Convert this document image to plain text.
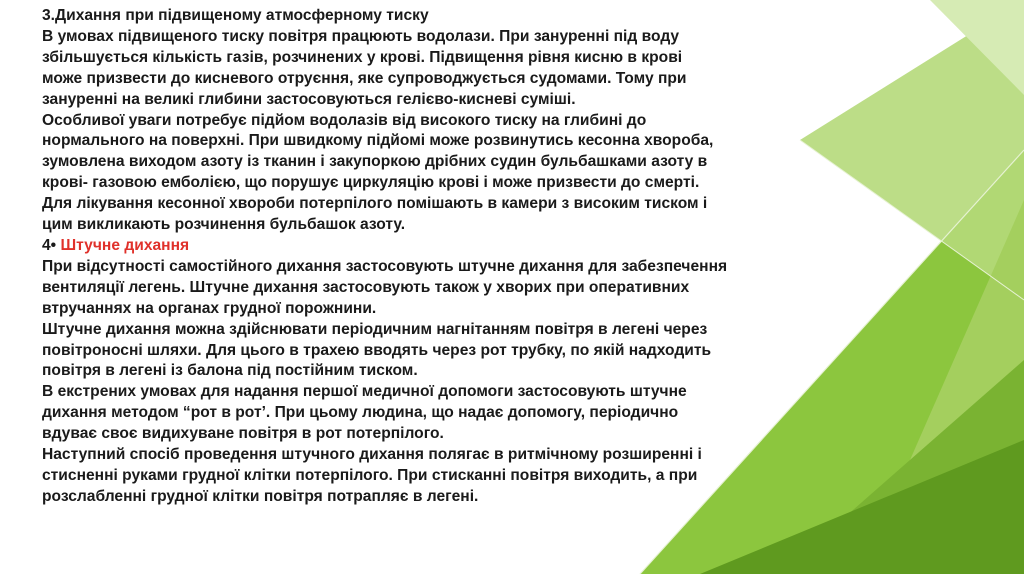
3.Дихання при підвищеному атмосферному тиску

В умовах підвищеного тиску повітря працюють водолази. При зануренні під воду

збільшується кількість газів, розчинених у крові. Підвищення рівня кисню в крові

може призвести до кисневого отруєння, яке супроводжується судомами. Тому при

зануренні на великі глибини застосовуються гелієво-кисневі суміші.

Особливої уваги потребує підйом водолазів від високого тиску на глибині до

нормального на поверхні. При швидкому підйомі може розвинутись кесонна хвороба,

зумовлена виходом азоту із тканин і закупоркою дрібних судин бульбашками азоту в

крові- газовою емболією, що порушує циркуляцію крові і може призвести до смерті.

Для лікування кесонної хвороби потерпілого помішають в камери з високим тиском і

цим викликають розчинення бульбашок азоту.

4• Штучне дихання

При відсутності самостійного дихання застосовують штучне дихання для забезпечення

вентиляції легень. Штучне дихання застосовують також у хворих при оперативних

втручаннях на органах грудної порожнини.

Штучне дихання можна здійснювати періодичним нагнітанням повітря в легені через

повітроносні шляхи. Для цього в трахею вводять через рот трубку, по якій надходить

повітря в легені із балона під постійним тиском.

В екстрених умовах для надання першої медичної допомоги застосовують штучне

дихання методом “рот в рот’. При цьому людина, що надає допомогу, періодично

вдуває своє видихуване повітря в рот потерпілого.

Наступний спосіб проведення штучного дихання полягає в ритмічному розширенні і

стисненні руками грудної клітки потерпілого. При стисканні повітря виходить, а при

розслабленні грудної клітки повітря потрапляє в легені.
